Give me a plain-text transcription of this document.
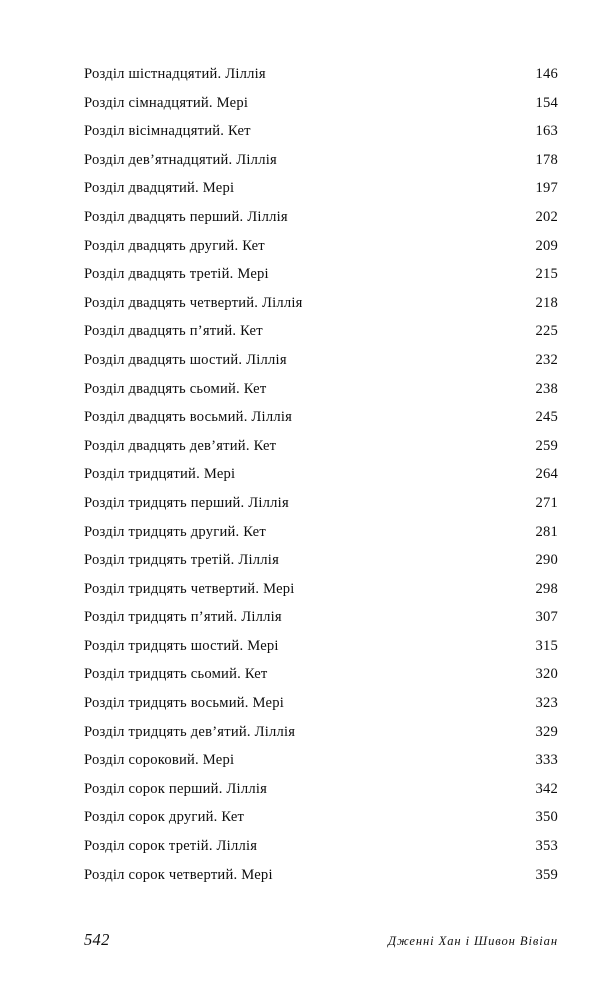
Розділ шістнадцятий. Ліллія .....	146
Розділ сімнадцятий. Мері .....	154
Розділ вісімнадцятий. Кет .....	163
Розділ дев’ятнадцятий. Ліллія .....	178
Розділ двадцятий. Мері .....	197
Розділ двадцять перший. Ліллія .....	202
Розділ двадцять другий. Кет .....	209
Розділ двадцять третій. Мері .....	215
Розділ двадцять четвертий. Ліллія .....	218
Розділ двадцять п’ятий. Кет .....	225
Розділ двадцять шостий. Ліллія .....	232
Розділ двадцять сьомий. Кет .....	238
Розділ двадцять восьмий. Ліллія .....	245
Розділ двадцять дев’ятий. Кет .....	259
Розділ тридцятий. Мері .....	264
Розділ тридцять перший. Ліллія .....	271
Розділ тридцять другий. Кет .....	281
Розділ тридцять третій. Ліллія .....	290
Розділ тридцять четвертий. Мері .....	298
Розділ тридцять п’ятий. Ліллія .....	307
Розділ тридцять шостий. Мері .....	315
Розділ тридцять сьомий. Кет .....	320
Розділ тридцять восьмий. Мері .....	323
Розділ тридцять дев’ятий. Ліллія .....	329
Розділ сороковий. Мері .....	333
Розділ сорок перший. Ліллія .....	342
Розділ сорок другий. Кет .....	350
Розділ сорок третій. Ліллія .....	353
Розділ сорок четвертий. Мері .....	359
542	Дженні Хан і Шивон Вівіан
